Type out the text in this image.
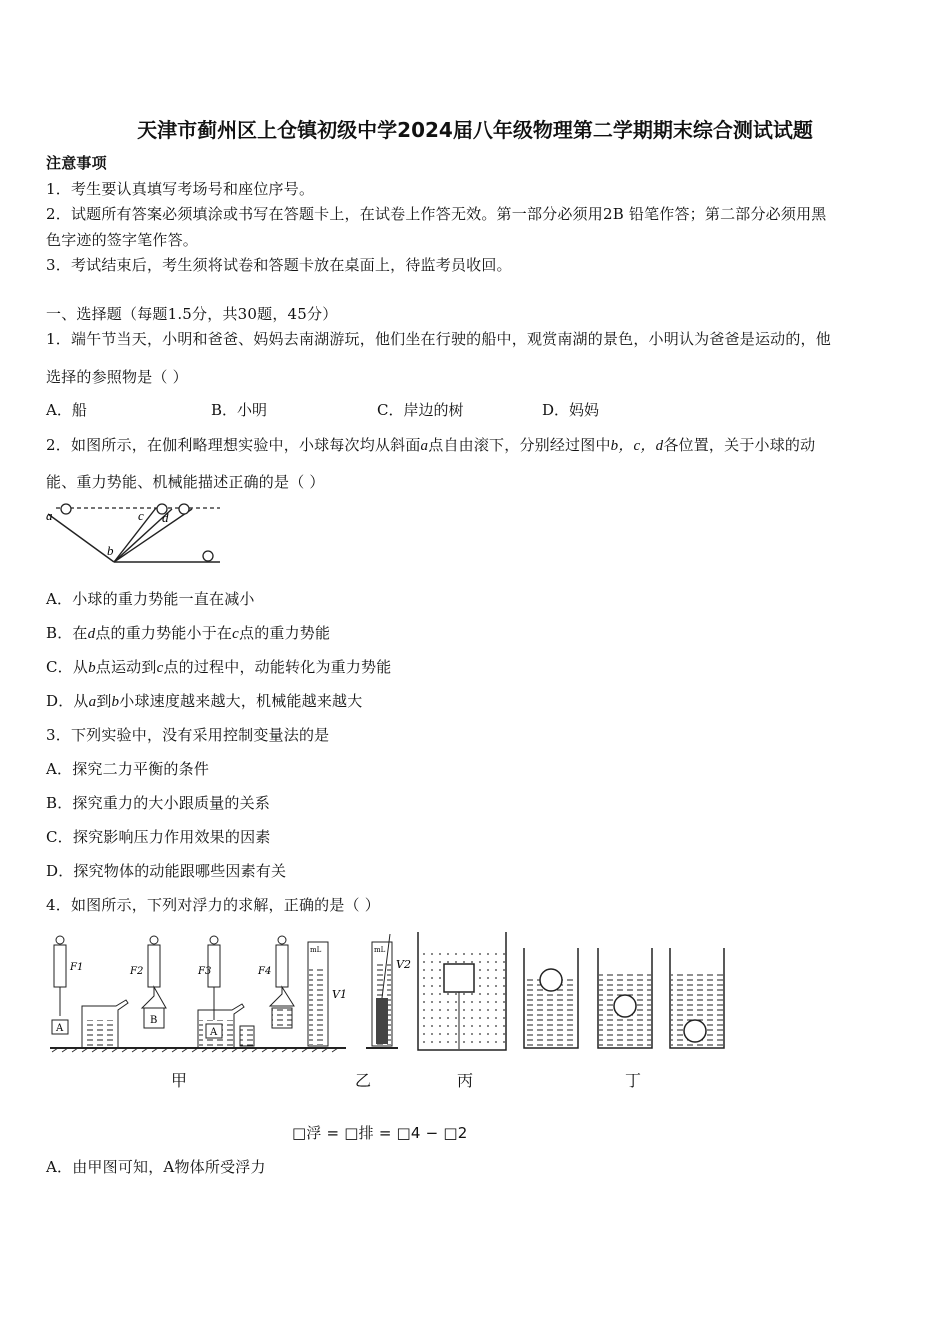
天津市蓟州区上仓镇初级中学2024届八年级物理第二学期期末综合测试试题
注意事项
1．考生要认真填写考场号和座位序号。
2．试题所有答案必须填涂或书写在答题卡上，在试卷上作答无效。第一部分必须用2B 铅笔作答；第二部分必须用黑
色字迹的签字笔作答。
3．考试结束后，考生须将试卷和答题卡放在桌面上，待监考员收回。
一、选择题（每题1.5分，共30题，45分）
1．端午节当天，小明和爸爸、妈妈去南湖游玩，他们坐在行驶的船中，观赏南湖的景色，小明认为爸爸是运动的，他
选择的参照物是（ ）
A．船	B．小明	C．岸边的树	D．妈妈
2．如图所示，在伽利略理想实验中，小球每次均从斜面a点自由滚下，分别经过图中b，c，d各位置，关于小球的动
能、重力势能、机械能描述正确的是（ ）
a
b
c d
A．小球的重力势能一直在减小
B．在d点的重力势能小于在c点的重力势能
C．从b点运动到c点的过程中，动能转化为重力势能
D．从a到b小球速度越来越大，机械能越来越大
3．下列实验中，没有采用控制变量法的是
A．探究二力平衡的条件
B．探究重力的大小跟质量的关系
C．探究影响压力作用效果的因素
D．探究物体的动能跟哪些因素有关
4．如图所示，下列对浮力的求解，正确的是（ ）
A
F1
B
F2
A
F3	F4
mL
V1
mL
V2
甲	乙	丙	丁
□浮 = □排 = □4 − □2
A．由甲图可知，A物体所受浮力
